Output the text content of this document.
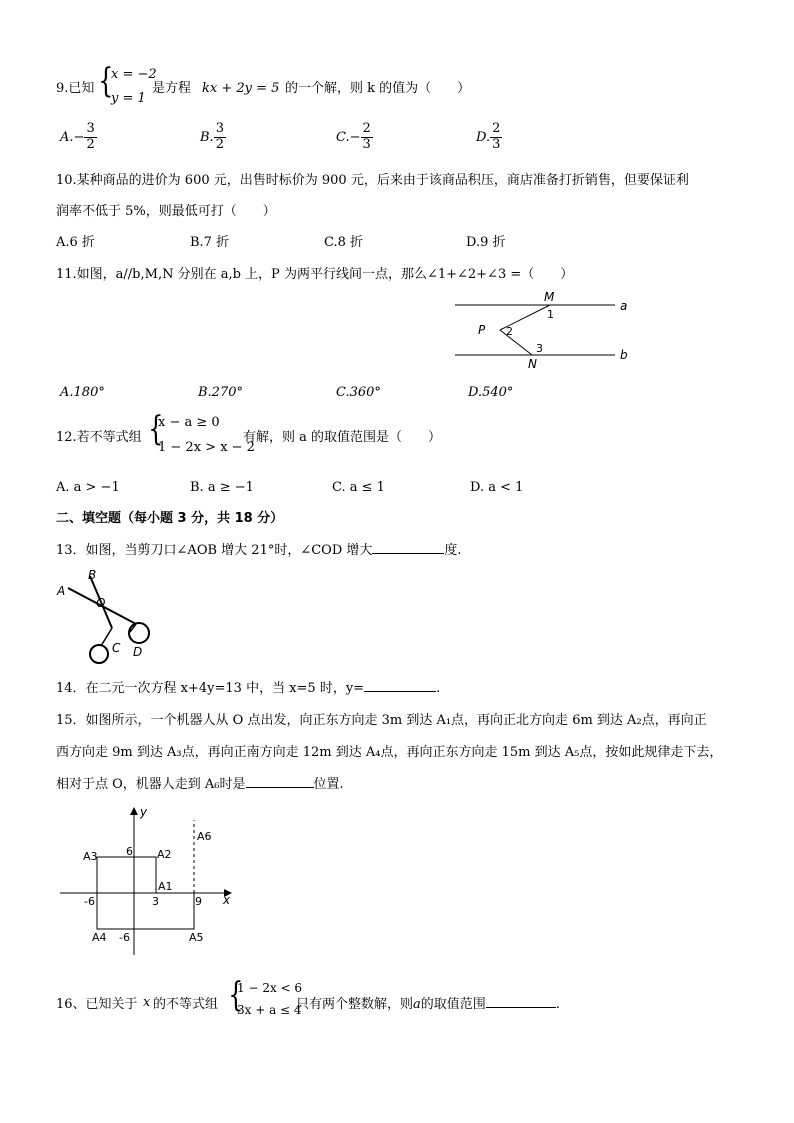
9.已知 {
x = −2
y = 1
是方程 kx + 2y = 5 的一个解，则 k 的值为（　　）
$A.- \frac{3}{2}$	B. $\frac{3}{2}$	$C.- \frac{2}{3}$	D. $\frac{2}{3}$
10.某种商品的进价为 600 元，出售时标价为 900 元，后来由于该商品积压，商店准备打折销售，但要保证利
润率不低于 5%，则最低可打（　　）
A.6 折	B.7 折	C.8 折	D.9 折
11.如图，a//b,M,N 分别在 a,b 上，P 为两平行线间一点，那么∠1+∠2+∠3 =（　　）
M
N
P
a
b
1
2
3
A.180°	B.270°	C.360°	D.540°
12.若不等式组 {
x − a ≥ 0
1 − 2x > x − 2
有解，则 a 的取值范围是（　　）
A. a > −1	B. a ≥ −1	C. a ≤ 1	D. a < 1
二、填空题（每小题 3 分，共 18 分）
13．如图，当剪刀口∠AOB 增大 21°时，∠COD 增大	度.
B
A
O
C D
14．在二元一次方程 x+4y=13 中，当 x=5 时，y=	.
15．如图所示，一个机器人从 O 点出发，向正东方向走 3m 到达 A₁点，再向正北方向走 6m 到达 A₂点，再向正
西方向走 9m 到达 A₃点，再向正南方向走 12m 到达 A₄点，再向正东方向走 15m 到达 A₅点，按如此规律走下去，
相对于点 O，机器人走到 A₆时是	位置.
y
x
6
-6
-6
3	9
A1
A2
A3
A4	A5
A6
16、已知关于 x 的不等式组 {
1 − 2x < 6
3x + a ≤ 4
只有两个整数解，则a的取值范围	.
